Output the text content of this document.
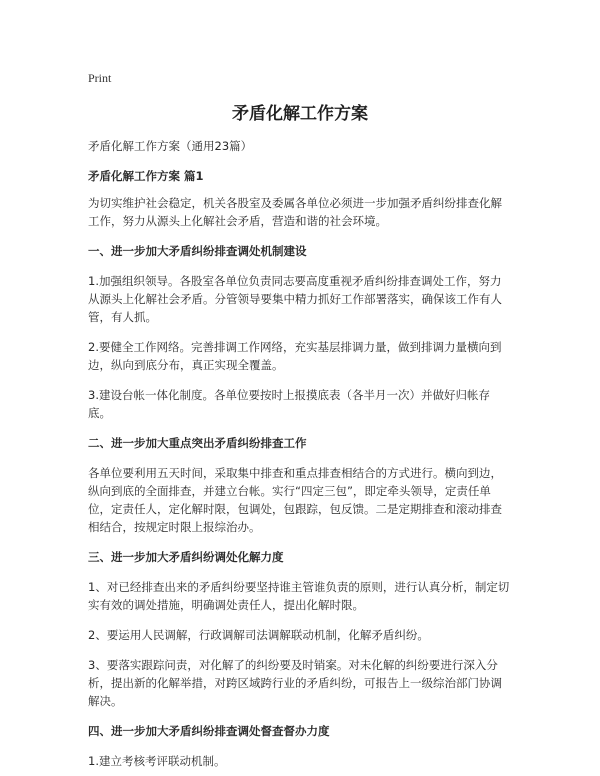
Print
矛盾化解工作方案
矛盾化解工作方案（通用23篇）
矛盾化解工作方案 篇1
为切实维护社会稳定，机关各股室及委属各单位必须进一步加强矛盾纠纷排查化解工作，努力从源头上化解社会矛盾，营造和谐的社会环境。
一、进一步加大矛盾纠纷排查调处机制建设
1.加强组织领导。各股室各单位负责同志要高度重视矛盾纠纷排查调处工作，努力从源头上化解社会矛盾。分管领导要集中精力抓好工作部署落实，确保该工作有人管，有人抓。
2.要健全工作网络。完善排调工作网络，充实基层排调力量，做到排调力量横向到边，纵向到底分布，真正实现全覆盖。
3.建设台帐一体化制度。各单位要按时上报摸底表（各半月一次）并做好归帐存底。
二、进一步加大重点突出矛盾纠纷排查工作
各单位要利用五天时间，采取集中排查和重点排查相结合的方式进行。横向到边，纵向到底的全面排查，并建立台帐。实行“四定三包”，即定牵头领导，定责任单位，定责任人，定化解时限，包调处，包跟踪，包反馈。二是定期排查和滚动排查相结合，按规定时限上报综治办。
三、进一步加大矛盾纠纷调处化解力度
1、对已经排查出来的矛盾纠纷要坚持谁主管谁负责的原则，进行认真分析，制定切实有效的调处措施，明确调处责任人，提出化解时限。
2、要运用人民调解，行政调解司法调解联动机制，化解矛盾纠纷。
3、要落实跟踪问责，对化解了的纠纷要及时销案。对未化解的纠纷要进行深入分析，提出新的化解举措，对跨区域跨行业的矛盾纠纷，可报告上一级综治部门协调解决。
四、进一步加大矛盾纠纷排查调处督查督办力度
1.建立考核考评联动机制。
